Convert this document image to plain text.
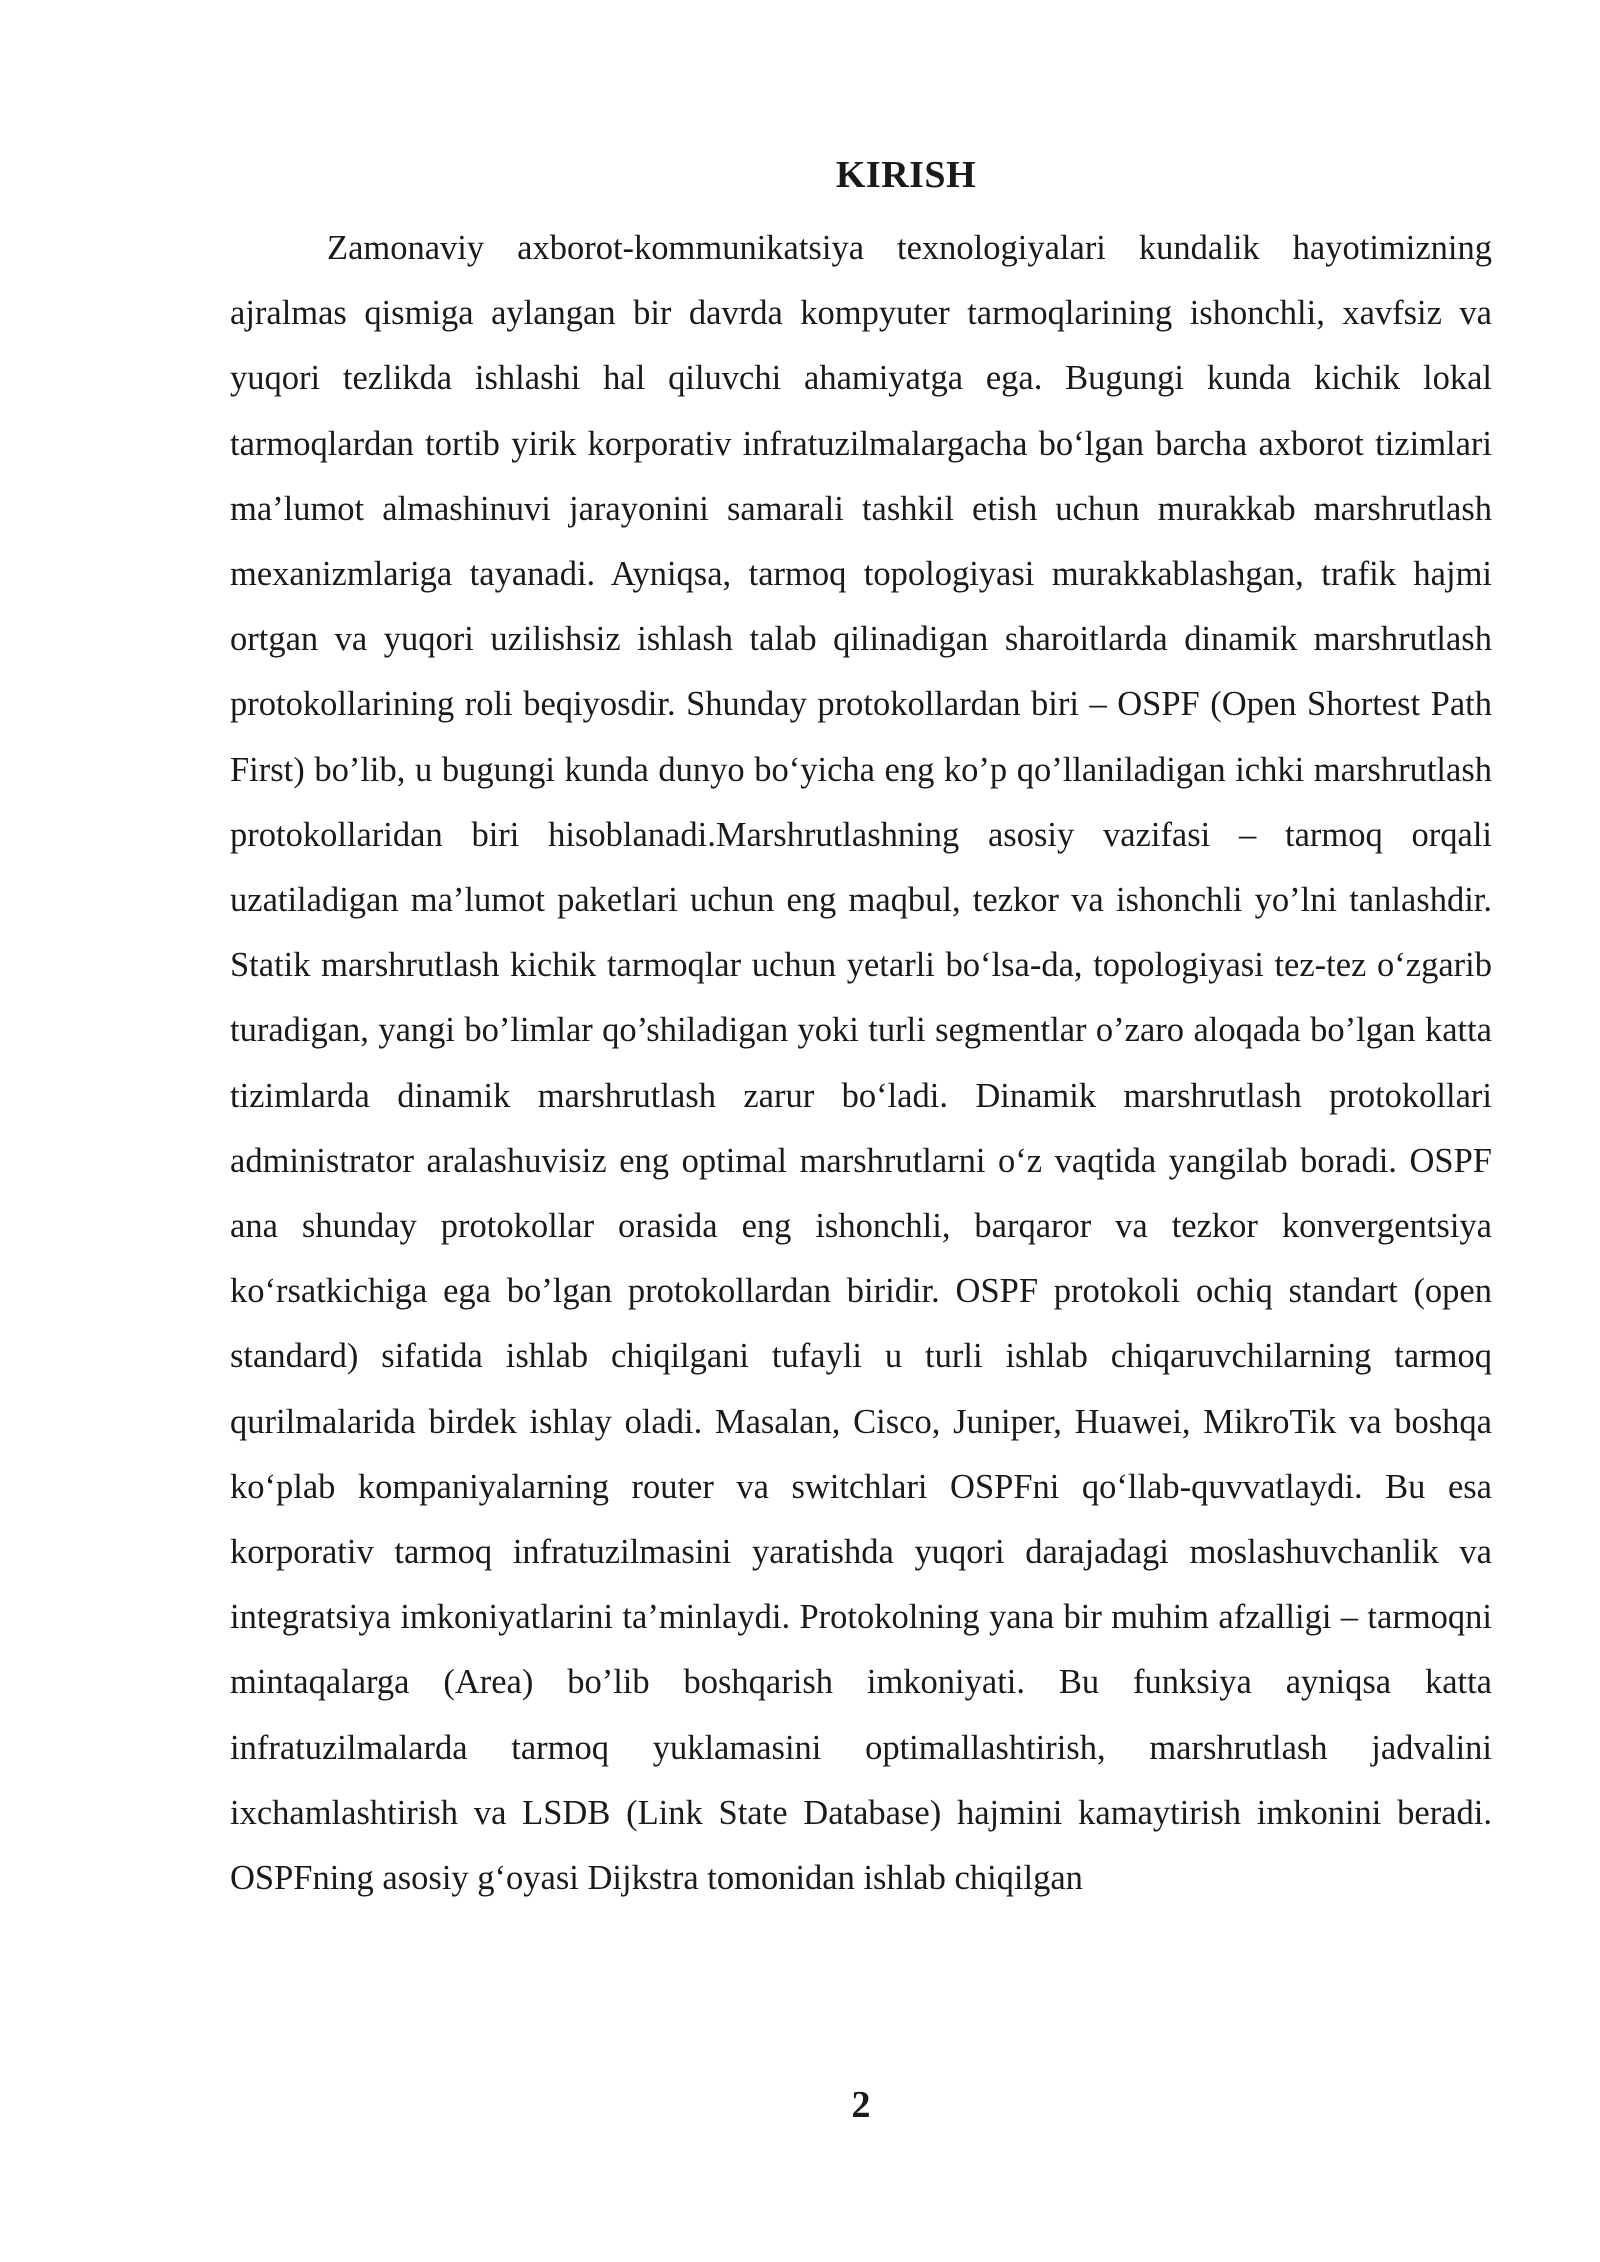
KIRISH

Zamonaviy axborot-kommunikatsiya texnologiyalari kundalik hayotimizning ajralmas qismiga aylangan bir davrda kompyuter tarmoqlarining ishonchli, xavfsiz va yuqori tezlikda ishlashi hal qiluvchi ahamiyatga ega. Bugungi kunda kichik lokal tarmoqlardan tortib yirik korporativ infratuzilmalargacha bo‘lgan barcha axborot tizimlari ma’lumot almashinuvi jarayonini samarali tashkil etish uchun murakkab marshrutlash mexanizmlariga tayanadi. Ayniqsa, tarmoq topologiyasi murakkablashgan, trafik hajmi ortgan va yuqori uzilishsiz ishlash talab qilinadigan sharoitlarda dinamik marshrutlash protokollarining roli beqiyosdir. Shunday protokollardan biri – OSPF (Open Shortest Path First) bo’lib, u bugungi kunda dunyo bo‘yicha eng ko’p qo’llaniladigan ichki marshrutlash protokollaridan biri hisoblanadi.Marshrutlashning asosiy vazifasi – tarmoq orqali uzatiladigan ma’lumot paketlari uchun eng maqbul, tezkor va ishonchli yo’lni tanlashdir. Statik marshrutlash kichik tarmoqlar uchun yetarli bo‘lsa-da, topologiyasi tez-tez o‘zgarib turadigan, yangi bo’limlar qo’shiladigan yoki turli segmentlar o’zaro aloqada bo’lgan katta tizimlarda dinamik marshrutlash zarur bo‘ladi. Dinamik marshrutlash protokollari administrator aralashuvisiz eng optimal marshrutlarni o‘z vaqtida yangilab boradi. OSPF ana shunday protokollar orasida eng ishonchli, barqaror va tezkor konvergentsiya ko‘rsatkichiga ega bo’lgan protokollardan biridir. OSPF protokoli ochiq standart (open standard) sifatida ishlab chiqilgani tufayli u turli ishlab chiqaruvchilarning tarmoq qurilmalarida birdek ishlay oladi. Masalan, Cisco, Juniper, Huawei, MikroTik va boshqa ko‘plab kompaniyalarning router va switchlari OSPFni qo‘llab-quvvatlaydi. Bu esa korporativ tarmoq infratuzilmasini yaratishda yuqori darajadagi moslashuvchanlik va integratsiya imkoniyatlarini ta’minlaydi. Protokolning yana bir muhim afzalligi – tarmoqni mintaqalarga (Area) bo’lib boshqarish imkoniyati. Bu funksiya ayniqsa katta infratuzilmalarda tarmoq yuklamasini optimallashtirish, marshrutlash jadvalini ixchamlashtirish va LSDB (Link State Database) hajmini kamaytirish imkonini beradi. OSPFning asosiy g‘oyasi Dijkstra tomonidan ishlab chiqilgan

2
